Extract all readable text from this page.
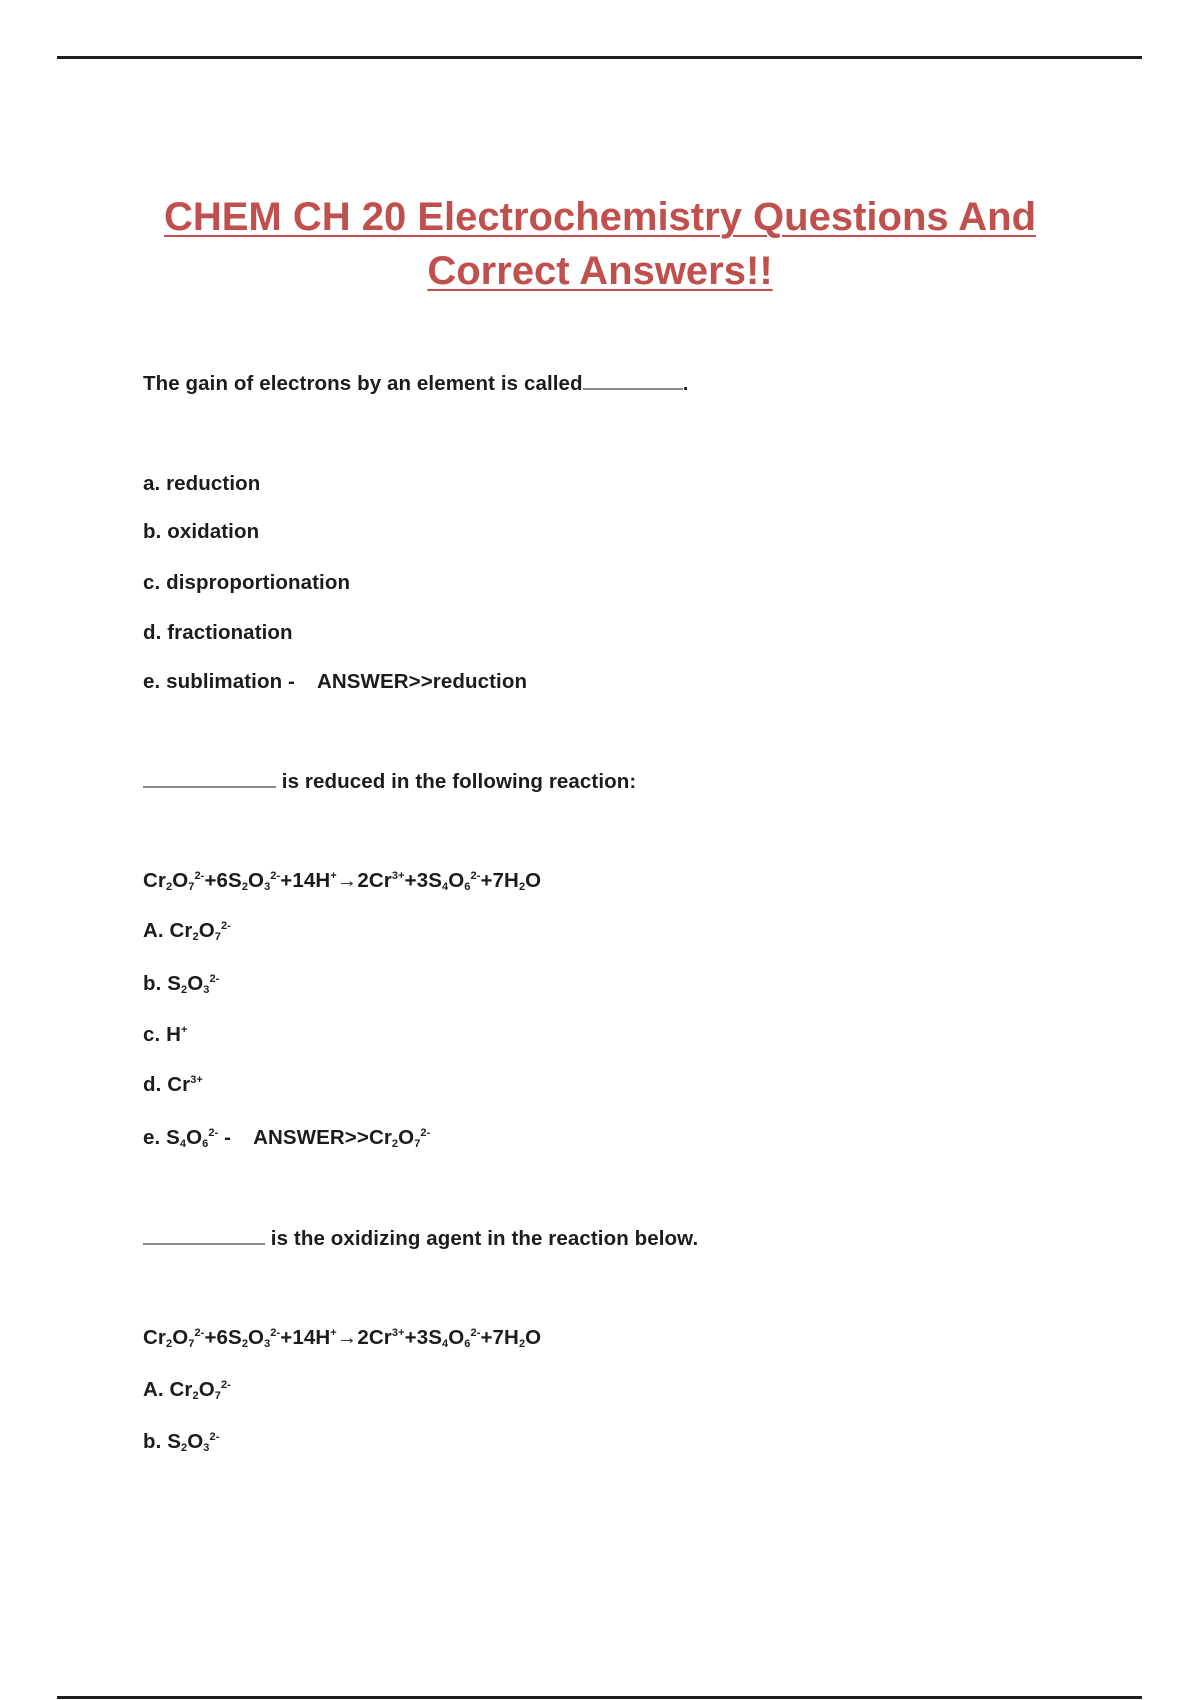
CHEM CH 20 Electrochemistry Questions And
Correct Answers!!
The gain of electrons by an element is called	.
a. reduction
b. oxidation
c. disproportionation
d. fractionation
e. sublimation - ANSWER>>reduction
is reduced in the following reaction:
$Cr_2O_7^{2-}+6S_2O_3^{2-}+14H^+\to 2Cr^{3+}+3S_4O_6^{2-}+7H_2O$
A. $Cr_2O_7^{2-}$
b. $S_2O_3^{2-}$
c. H+
d. $Cr^{3+}$
e. $S_4O_6^{2-}$ - $ANSWER>>Cr_2O_7^{2-}$
is the oxidizing agent in the reaction below.
$Cr_2O_7^{2-}+6S_2O_3^{2-}+14H^+\to 2Cr^{3+}+3S_4O_6^{2-}+7H_2O$
A. $Cr_2O_7^{2-}$
b. $S_2O_3^{2-}$
